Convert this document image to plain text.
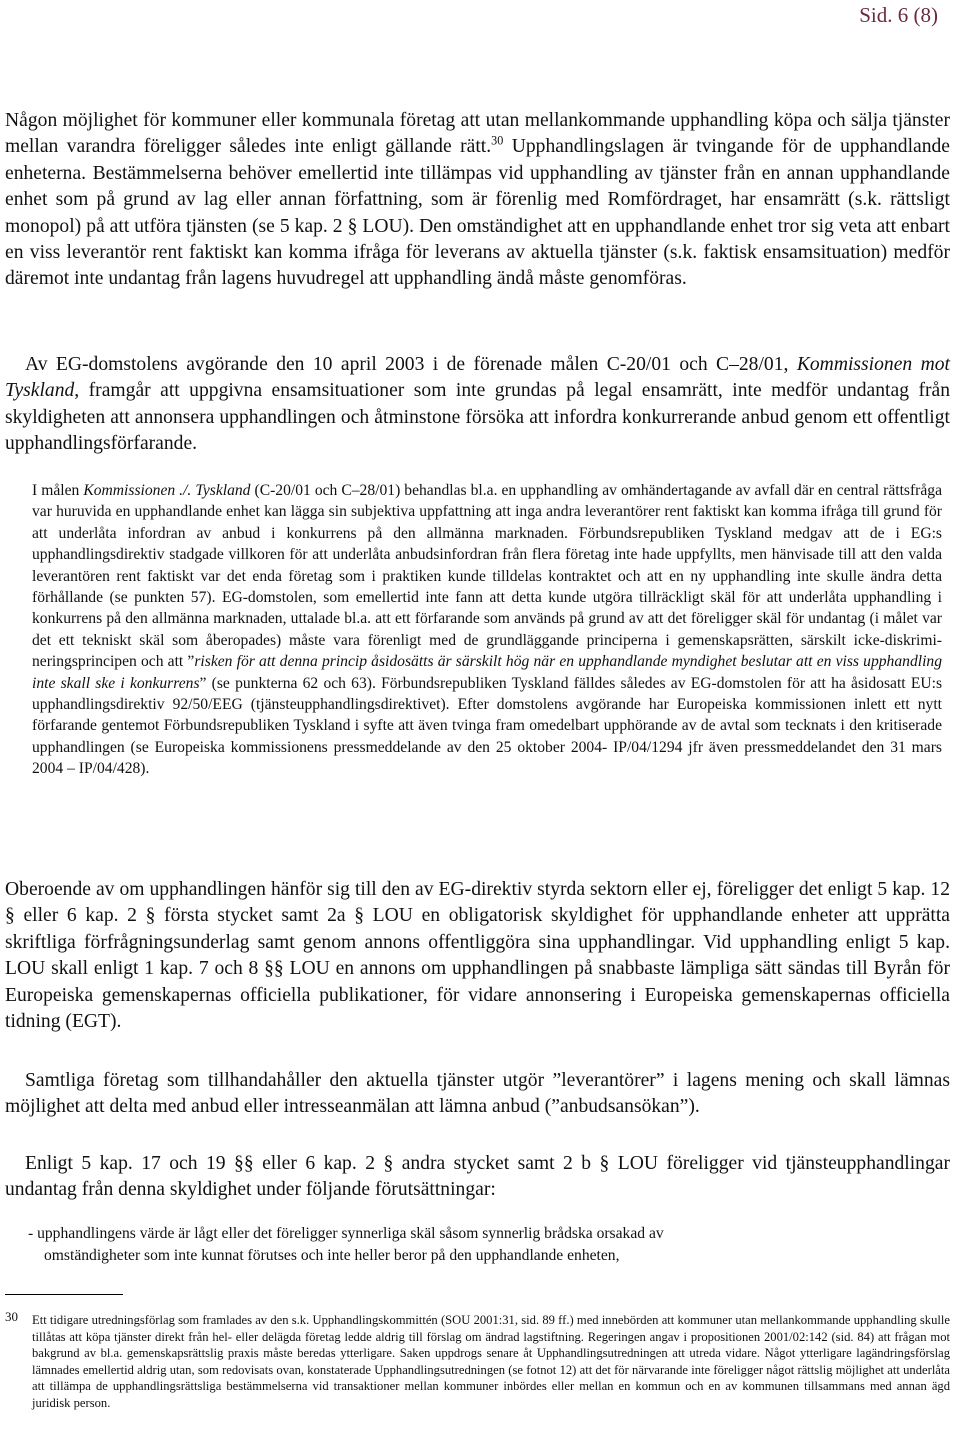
Sid. 6 (8)

Någon möjlighet för kommuner eller kommunala företag att utan mellankommande upphandling köpa och sälja tjänster mellan varandra föreligger således inte enligt gällande rätt.$^{30}$ Upphandlingslagen är tvingande för de upphandlande enheterna. Bestämmelserna behöver emellertid inte tillämpas vid upphandling av tjänster från en annan upphandlande enhet som på grund av lag eller annan författning, som är förenlig med Romfördraget, har ensamrätt (s.k. rättsligt monopol) på att utföra tjänsten (se 5 kap. 2 § LOU). Den omständighet att en upphandlande enhet tror sig veta att enbart en viss leverantör rent faktiskt kan komma ifråga för leverans av aktuella tjänster (s.k. faktisk ensamsituation) medför däremot inte undantag från lagens huvudregel att upphandling ändå måste genomföras.

Av EG-domstolens avgörande den 10 april 2003 i de förenade målen C-20/01 och C–28/01, Kommissionen mot Tyskland, framgår att uppgivna ensamsituationer som inte grundas på legal ensamrätt, inte medför undantag från skyldigheten att annonsera upphandlingen och åtminstone försöka att infordra konkurrerande anbud genom ett offentligt upphandlingsförfarande.

I målen Kommissionen ./. Tyskland (C-20/01 och C–28/01) behandlas bl.a. en upphandling av omhändertagande av avfall där en central rättsfråga var huruvida en upphandlande enhet kan lägga sin subjektiva uppfattning att inga andra leverantörer rent faktiskt kan komma ifråga till grund för att underlåta infordran av anbud i konkurrens på den allmänna marknaden. Förbundsrepubliken Tyskland medgav att de i EG:s upphandlingsdirektiv stadgade villkoren för att underlåta anbudsinfordran från flera företag inte hade uppfyllts, men hänvisade till att den valda leverantören rent faktiskt var det enda företag som i praktiken kunde tilldelas kontraktet och att en ny upphandling inte skulle ändra detta förhållande (se punkten 57). EG-domstolen, som emellertid inte fann att detta kunde utgöra tillräckligt skäl för att underlåta upphandling i konkurrens på den allmänna marknaden, uttalade bl.a. att ett förfarande som används på grund av att det föreligger skäl för undantag (i målet var det ett tekniskt skäl som åberopades) måste vara förenligt med de grundläggande principerna i gemenskapsrätten, särskilt icke-diskrimineringsprincipen och att ”risken för att denna princip åsidosätts är särskilt hög när en upphandlande myndighet beslutar att en viss upphandling inte skall ske i konkurrens” (se punkterna 62 och 63). Förbundsrepubliken Tyskland fälldes således av EG-domstolen för att ha åsidosatt EU:s upphandlingsdirektiv 92/50/EEG (tjänsteupphandlingsdirektivet). Efter domstolens avgörande har Europeiska kommissionen inlett ett nytt förfarande gentemot Förbundsrepubliken Tyskland i syfte att även tvinga fram omedelbart upphörande av de avtal som tecknats i den kritiserade upphandlingen (se Europeiska kommissionens pressmeddelande av den 25 oktober 2004- IP/04/1294 jfr även pressmeddelandet den 31 mars 2004 – IP/04/428).

Oberoende av om upphandlingen hänför sig till den av EG-direktiv styrda sektorn eller ej, föreligger det enligt 5 kap. 12 § eller 6 kap. 2 § första stycket samt 2a § LOU en obligatorisk skyldighet för upphandlande enheter att upprätta skriftliga förfrågningsunderlag samt genom annons offentliggöra sina upphandlingar. Vid upphandling enligt 5 kap. LOU skall enligt 1 kap. 7 och 8 §§ LOU en annons om upphandlingen på snabbaste lämpliga sätt sändas till Byrån för Europeiska gemenskapernas officiella publikationer, för vidare annonsering i Europeiska gemenskapernas officiella tidning (EGT).

Samtliga företag som tillhandahåller den aktuella tjänster utgör ”leverantörer” i lagens mening och skall lämnas möjlighet att delta med anbud eller intresseanmälan att lämna anbud (”anbudsansökan”).

Enligt 5 kap. 17 och 19 §§ eller 6 kap. 2 § andra stycket samt 2 b § LOU föreligger vid tjänsteupphandlingar undantag från denna skyldighet under följande förutsättningar:

- upphandlingens värde är lågt eller det föreligger synnerliga skäl såsom synnerlig brådska orsakad av
omständigheter som inte kunnat förutses och inte heller beror på den upphandlande enheten,
30 Ett tidigare utredningsförlag som framlades av den s.k. Upphandlingskommittén (SOU 2001:31, sid. 89 ff.) med innebörden att kommuner utan mellankommande upphandling skulle tillåtas att köpa tjänster direkt från hel- eller delägda företag ledde aldrig till förslag om ändrad lagstiftning. Regeringen angav i propositionen 2001/02:142 (sid. 84) att frågan mot bakgrund av bl.a. gemenskapsrättslig praxis måste beredas ytterligare. Saken uppdrogs senare åt Upphandlingsutredningen att utreda vidare. Något ytterligare lagändringsförslag lämnades emellertid aldrig utan, som redovisats ovan, konstaterade Upphandlingsutredningen (se fotnot 12) att det för närvarande inte föreligger något rättslig möjlighet att underlåta att tillämpa de upphandlingsrättsliga bestämmelserna vid transaktioner mellan kommuner inbördes eller mellan en kommun och en av kommunen tillsammans med annan ägd juridisk person.
